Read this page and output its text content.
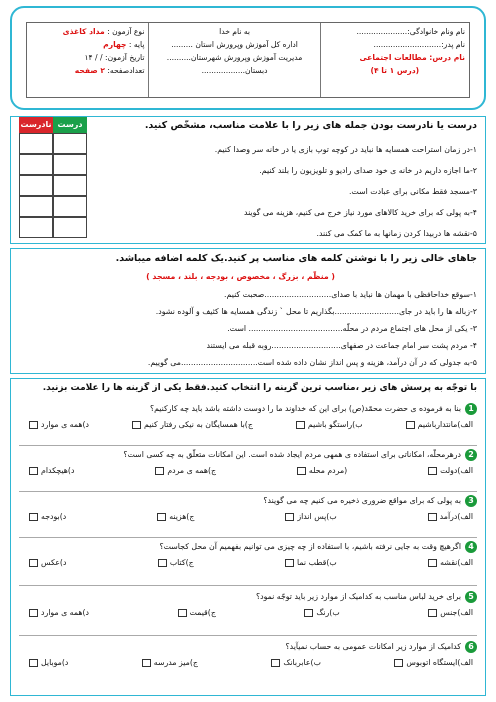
نام ونام خانوادگی:.....................
نام پدر:............................
نام درس: مطالعات اجتماعی
(درس ۱ تا ۴)
به نام خدا
اداره کل آموزش وپرورش استان .........
مدیریت آموزش وپرورش شهرستان..........
دبستان..................
نوع آزمون : مداد کاغذی
پایه : چهارم
تاریخ آزمون: / / ۱۴
تعدادصفحه: ۲ صفحه
درست یا نادرست بودن جمله های زیر را با علامت مناسب، مشخّص کنید.
نادرست درست
۱-در زمان استراحت همسایه ها نباید در کوچه توپ بازی یا در خانه سر وصدا کنیم.
۲-ما اجازه داریم در خانه ی خود صدای رادیو و تلویزیون را بلند کنیم.
۳-مسجد فقط مکانی برای عبادت است.
۴-به پولی که برای خرید کالاهای مورد نیاز خرج می کنیم، هزینه می گویند
۵-نقشه ها دربیدا کردن زمانها به ما کمک می کنند.
جاهای خالی زیر را با نوشتن کلمه های مناسب پر کنید.یک کلمه اضافه میباشد.
( منظّم ، بزرگ ، مخصوص ، بودجه ، بلند ، مسجد )
۱-سوقع خداحافظی با مهمان ها نباید با صدای...........................صحبت کنیم.
۲-زباله ها را باید در جای..........................بگذاریم تا محل ` زندگی همسایه ها کثیف و آلوده نشود.
۳- یکی از محل های اجتماع مردم در محلّه...................................... است.
۴- مردم پشت سر امام جماعت در صفهای............................روبه قبله می ایستند
۵-به جدولی که در آن درآمد، هزینه و پس انداز نشان داده شده است...............................می گوییم.
با توجّه به پرسش های زیر ،مناسب ترین گزینه را انتخاب کنید.فقط یکی از گزینه ها را علامت بزنید.
1بنا به فرموده ی حضرت محمّد(ص) برای این که خداوند ما را دوست داشته باشد باید چه کارکنیم؟
الف)مانتدارباشیم
ب)راستگو باشیم
ج)با همسایگان به نیکی رفتار کنیم
د)همه ی موارد
2درهرمحلّه، امکاناتی برای استفاده ی همهی مردم ایجاد شده است. این امکانات متعلّق به چه کسی است؟
الف)دولت
(مردم محله
ج)همه ی مردم
د)هیچکدام
3به پولی که برای مواقع ضروری ذخیره می کنیم چه می گویند؟
الف)درآمد
ب)پس انداز
ج)هزینه
د)بودجه
4اگرهیچ وقت به جایی نرفته باشیم، با استفاده از چه چیزی می توانیم بفهمیم آن محل کجاست؟
الف)نقشه
ب)قطب نما
ج)کتاب
د)عکس
5برای خرید لباس مناسب به کدامیک از موارد زیر باید توجّه نمود؟
الف)جنس
ب)رنگ
ج)قیمت
د)همه ی موارد
6کدامیک از موارد زیر امکانات عمومی به حساب نمیآید؟
الف)ایستگاه اتوبوس
ب)عابربانک
ج)میز مدرسه
د)موبایل
